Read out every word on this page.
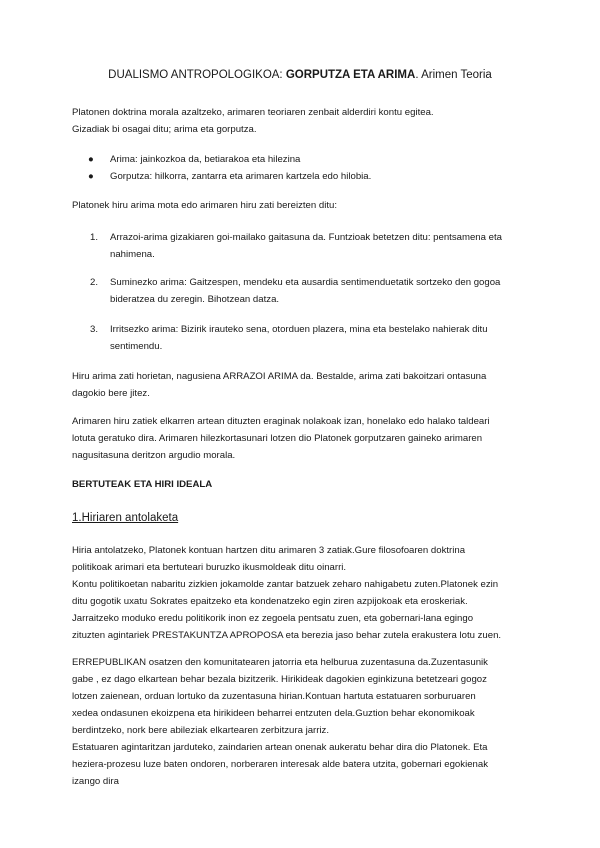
DUALISMO ANTROPOLOGIKOA: GORPUTZA ETA ARIMA. Arimen Teoria

Platonen doktrina morala azaltzeko, arimaren teoriaren zenbait alderdiri kontu egitea.
Gizadiak bi osagai ditu; arima eta gorputza.

● Arima: jainkozkoa da, betiarakoa eta hilezina
● Gorputza: hilkorra, zantarra eta arimaren kartzela edo hilobia.

Platonek hiru arima mota edo arimaren hiru zati bereizten ditu:

1. Arrazoi-arima gizakiaren goi-mailako gaitasuna da. Funtzioak betetzen ditu: pentsamena eta
nahimena.
2. Suminezko arima: Gaitzespen, mendeku eta ausardia sentimenduetatik sortzeko den gogoa
bideratzea du zeregin. Bihotzean datza.
3. Irritsezko arima: Bizirik irauteko sena, otorduen plazera, mina eta bestelako nahierak ditu
sentimendu.

Hiru arima zati horietan, nagusiena ARRAZOI ARIMA da. Bestalde, arima zati bakoitzari ontasuna
dagokio bere jitez.

Arimaren hiru zatiek elkarren artean dituzten eraginak nolakoak izan, honelako edo halako taldeari
lotuta geratuko dira. Arimaren hilezkortasunari lotzen dio Platonek gorputzaren gaineko arimaren
nagusitasuna deritzon argudio morala.

BERTUTEAK ETA HIRI IDEALA
1.Hiriaren antolaketa

Hiria antolatzeko, Platonek kontuan hartzen ditu arimaren 3 zatiak.Gure filosofoaren doktrina
politikoak arimari eta bertuteari buruzko ikusmoldeak ditu oinarri.
Kontu politikoetan nabaritu zizkien jokamolde zantar batzuek zeharo nahigabetu zuten.Platonek ezin
ditu gogotik uxatu Sokrates epaitzeko eta kondenatzeko egin ziren azpijokoak eta eroskeriak.
Jarraitzeko moduko eredu politikorik inon ez zegoela pentsatu zuen, eta gobernari-lana egingo
zituzten agintariek PRESTAKUNTZA APROPOSA eta berezia jaso behar zutela erakustera lotu zuen.

ERREPUBLIKAN osatzen den komunitatearen jatorria eta helburua zuzentasuna da.Zuzentasunik
gabe , ez dago elkartean behar bezala bizitzerik. Hirikideak dagokien eginkizuna betetzeari gogoz
lotzen zaienean, orduan lortuko da zuzentasuna hirian.Kontuan hartuta estatuaren sorburuaren
xedea ondasunen ekoizpena eta hirikideen beharrei entzuten dela.Guztion behar ekonomikoak
berdintzeko, nork bere abileziak elkartearen zerbitzura jarriz.
Estatuaren agintaritzan jarduteko, zaindarien artean onenak aukeratu behar dira dio Platonek. Eta
heziera-prozesu luze baten ondoren, norberaren interesak alde batera utzita, gobernari egokienak
izango dira
